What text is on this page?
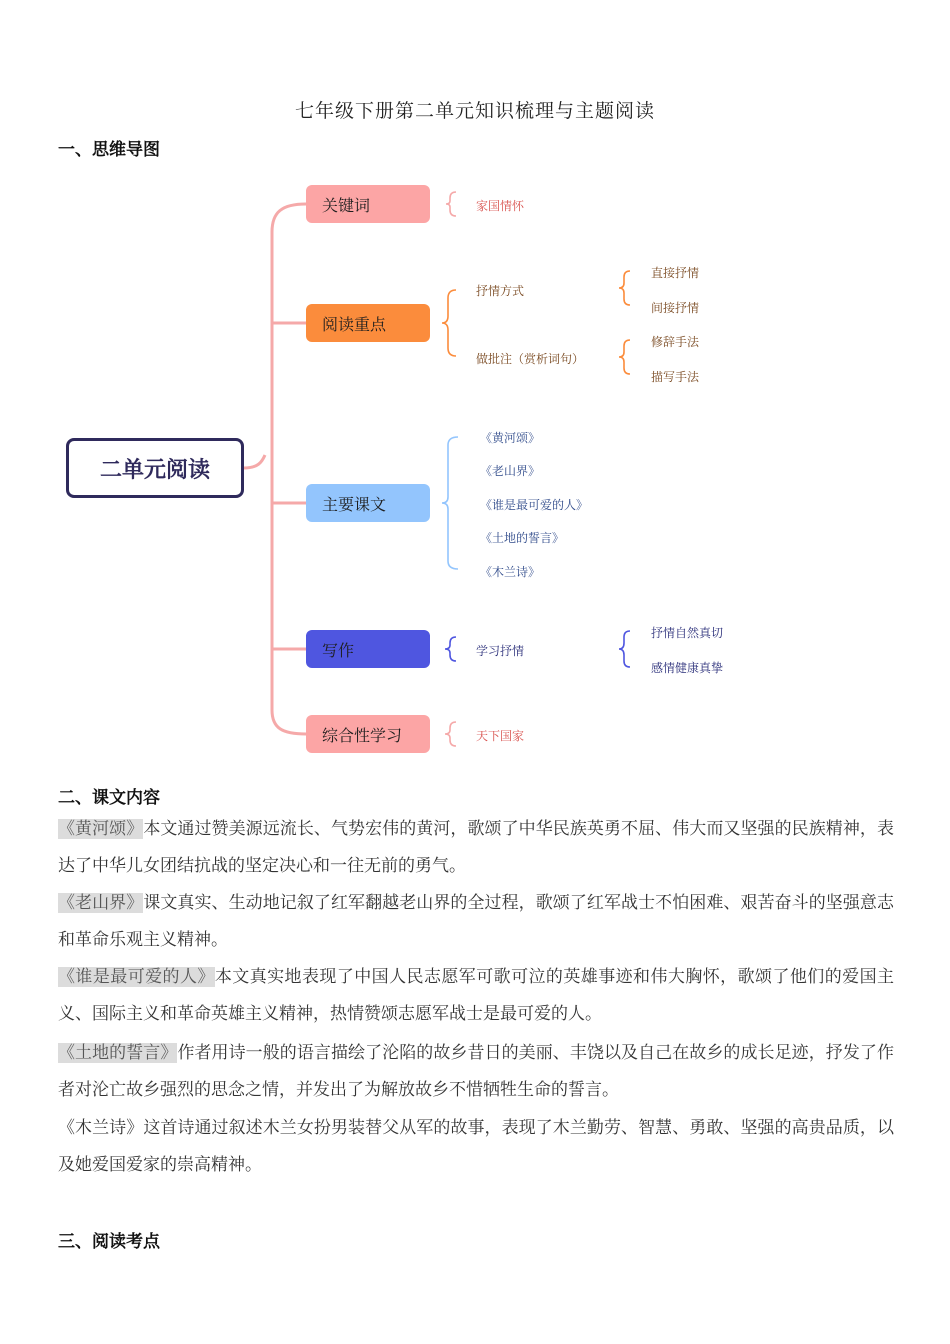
七年级下册第二单元知识梳理与主题阅读
一、思维导图
二单元阅读
关键词
阅读重点
主要课文
写作
综合性学习
家国情怀
抒情方式
做批注（赏析词句）
直接抒情
间接抒情
修辞手法
描写手法
《黄河颂》
《老山界》
《谁是最可爱的人》
《土地的誓言》
《木兰诗》
学习抒情
抒情自然真切
感情健康真挚
天下国家
二、课文内容
《黄河颂》本文通过赞美源远流长、气势宏伟的黄河，歌颂了中华民族英勇不屈、伟大而又坚强的民族精神，表达了中华儿女团结抗战的坚定决心和一往无前的勇气。
《老山界》课文真实、生动地记叙了红军翻越老山界的全过程，歌颂了红军战士不怕困难、艰苦奋斗的坚强意志和革命乐观主义精神。
《谁是最可爱的人》本文真实地表现了中国人民志愿军可歌可泣的英雄事迹和伟大胸怀，歌颂了他们的爱国主义、国际主义和革命英雄主义精神，热情赞颂志愿军战士是最可爱的人。
《土地的誓言》作者用诗一般的语言描绘了沦陷的故乡昔日的美丽、丰饶以及自己在故乡的成长足迹，抒发了作者对沦亡故乡强烈的思念之情，并发出了为解放故乡不惜牺牲生命的誓言。
《木兰诗》这首诗通过叙述木兰女扮男装替父从军的故事，表现了木兰勤劳、智慧、勇敢、坚强的高贵品质，以及她爱国爱家的崇高精神。
三、阅读考点
